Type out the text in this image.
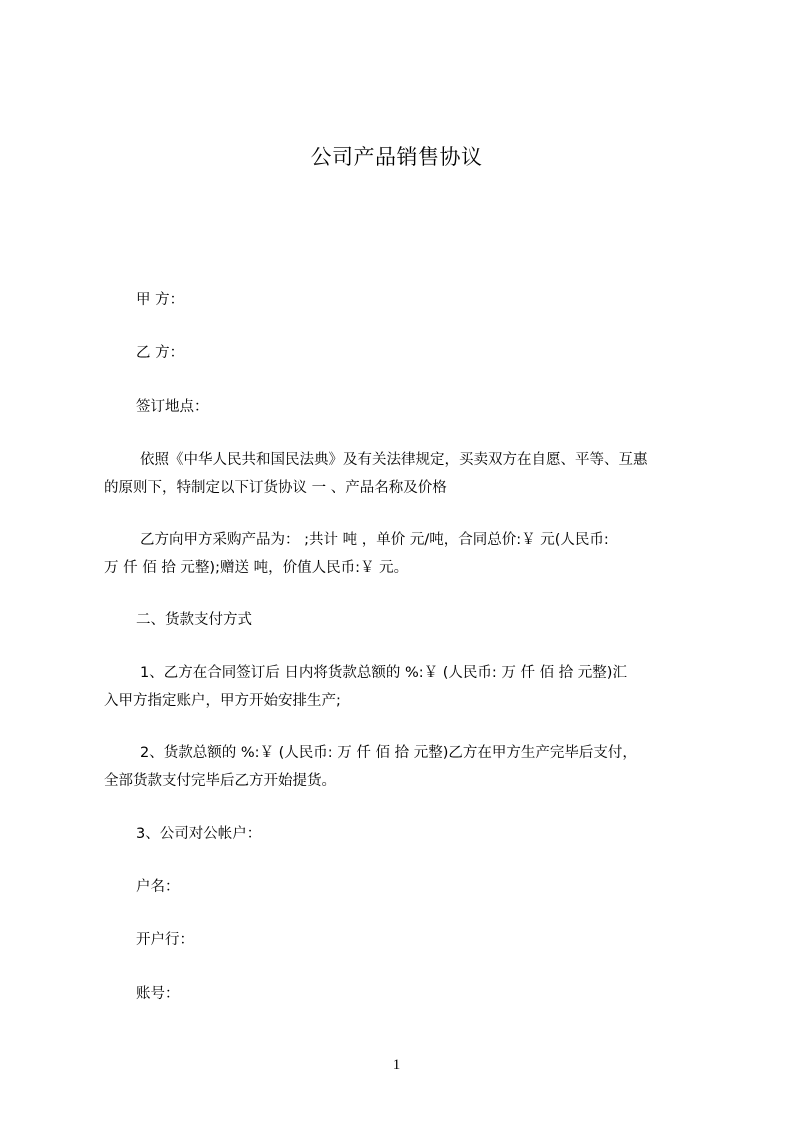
公司产品销售协议
甲 方：
乙 方：
签订地点：
依照《中华人民共和国民法典》及有关法律规定，买卖双方在自愿、平等、互惠
的原则下，特制定以下订货协议 一 、产品名称及价格
乙方向甲方采购产品为： ;共计 吨 ，单价 元/吨，合同总价:￥ 元(人民币:
万 仟 佰 拾 元整);赠送 吨，价值人民币:￥ 元。
二、货款支付方式
1、乙方在合同签订后 日内将货款总额的 %:￥ (人民币: 万 仟 佰 拾 元整)汇
入甲方指定账户，甲方开始安排生产;
2、货款总额的 %:￥ (人民币: 万 仟 佰 拾 元整)乙方在甲方生产完毕后支付，
全部货款支付完毕后乙方开始提货。
3、公司对公帐户：
户名：
开户行：
账号：
1
